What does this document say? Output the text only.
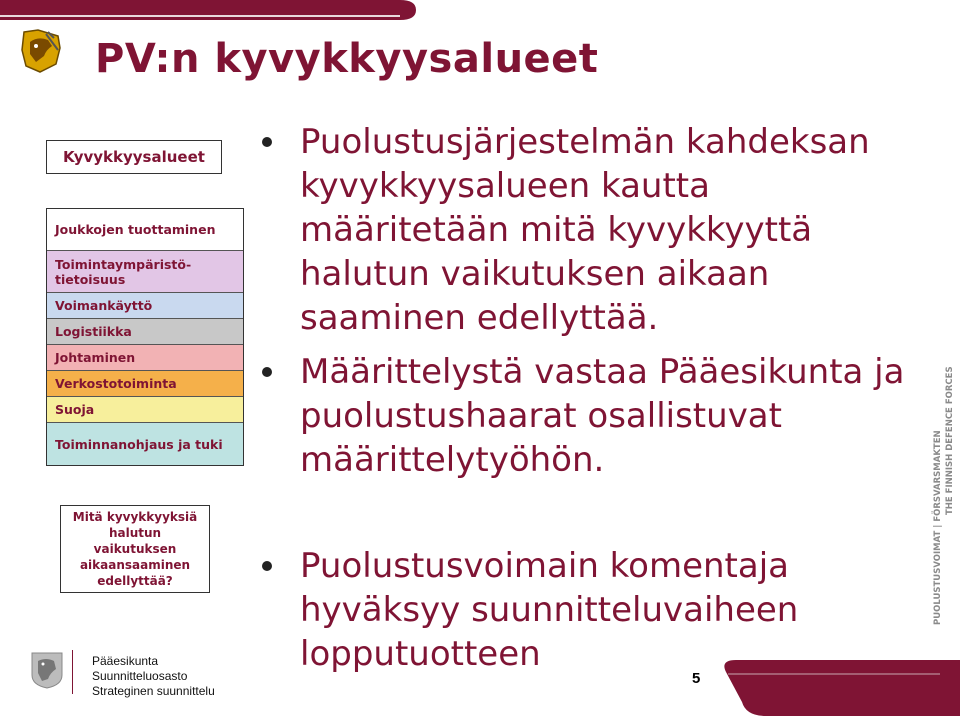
PV:n kyvykkyysalueet
Kyvykkyysalueet
Joukkojen tuottaminen
Toimintaympäristö-tietoisuus
Voimankäyttö
Logistiikka
Johtaminen
Verkostotoiminta
Suoja
Toiminnanohjaus ja tuki
Mitä kyvykkyyksiä halutun vaikutuksen aikaansaaminen edellyttää?
Puolustusjärjestelmän kahdeksan kyvykkyysalueen kautta määritetään mitä kyvykkyyttä halutun vaikutuksen aikaan saaminen edellyttää.
Määrittelystä vastaa Pääesikunta ja puolustushaarat osallistuvat määrittelytyöhön.
Puolustusvoimain komentaja hyväksyy suunnitteluvaiheen lopputuotteen
PUOLUSTUSVOIMAT | FÖRSVARSMAKTEN THE FINNISH DEFENCE FORCES
Pääesikunta
Suunnitteluosasto
Strateginen suunnittelu
5
